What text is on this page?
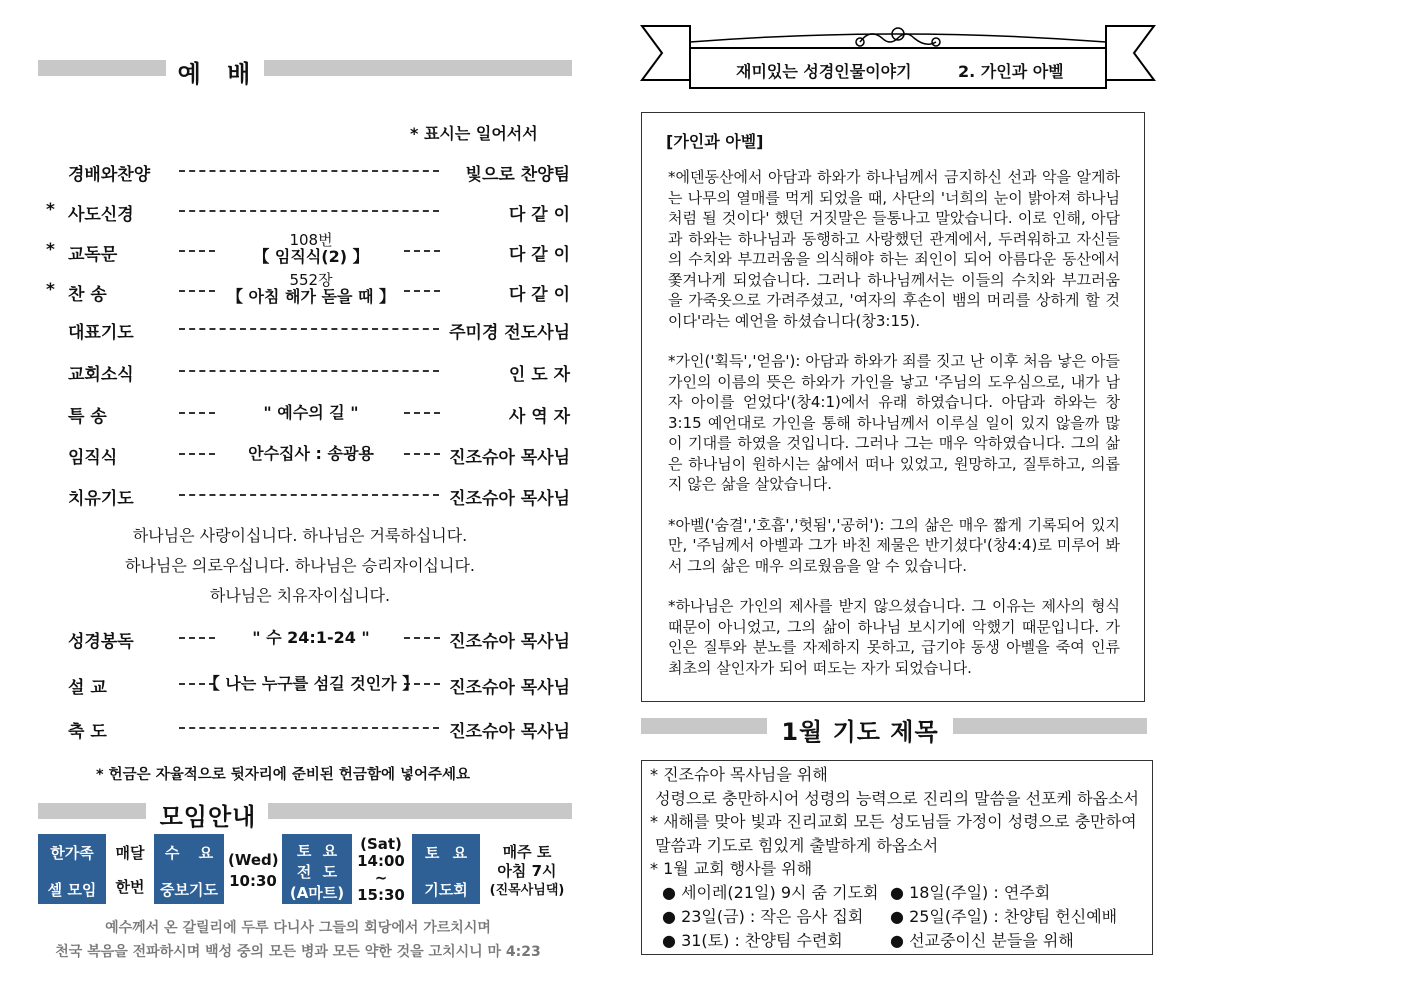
예 배
* 표시는 일어서서
경배와찬양	빛으로 찬양팀
* 사도신경	다 같 이
* 교독문	다 같 이
108번
【 임직식(2) 】
* 찬 송	다 같 이
552장
【 아침 해가 돋을 때 】
대표기도	주미경 전도사님
교회소식	인 도 자
특 송	사 역 자
" 예수의 길 "
임직식	진조슈아 목사님
안수집사 : 송광용
치유기도	진조슈아 목사님
성경봉독	진조슈아 목사님
" 수 24:1-24 "
설 교	진조슈아 목사님
【 나는 누구를 섬길 것인가 】
축 도	진조슈아 목사님
하나님은 사랑이십니다. 하나님은 거룩하십니다.
하나님은 의로우십니다. 하나님은 승리자이십니다.
하나님은 치유자이십니다.
* 헌금은 자율적으로 뒷자리에 준비된 헌금함에 넣어주세요
모임안내
한가족
셀 모임
매달
한번
수 요
중보기도
(Wed)
10:30
토 요
전 도
(A마트)
(Sat)
14:00
~
15:30
토 요
기도회
매주 토
아침 7시
(진목사님댁)
예수께서 온 갈릴리에 두루 다니사 그들의 회당에서 가르치시며
천국 복음을 전파하시며 백성 중의 모든 병과 모든 약한 것을 고치시니 마 4:23
재미있는 성경인물이야기	2. 가인과 아벨
[가인과 아벨]

*에덴동산에서 아담과 하와가 하나님께서 금지하신 선과 악을 알게하는 나무의 열매를 먹게 되었을 때, 사단의 '너희의 눈이 밝아져 하나님처럼 될 것이다' 했던 거짓말은 들통나고 말았습니다. 이로 인해, 아담과 하와는 하나님과 동행하고 사랑했던 관계에서, 두려워하고 자신들의 수치와 부끄러움을 의식해야 하는 죄인이 되어 아름다운 동산에서 쫓겨나게 되었습니다. 그러나 하나님께서는 이들의 수치와 부끄러움을 가죽옷으로 가려주셨고, '여자의 후손이 뱀의 머리를 상하게 할 것이다'라는 예언을 하셨습니다(창3:15).

*가인('획득','얻음'): 아담과 하와가 죄를 짓고 난 이후 처음 낳은 아들 가인의 이름의 뜻은 하와가 가인을 낳고 '주님의 도우심으로, 내가 남자 아이를 얻었다'(창4:1)에서 유래 하였습니다. 아담과 하와는 창3:15 예언대로 가인을 통해 하나님께서 이루실 일이 있지 않을까 많이 기대를 하였을 것입니다. 그러나 그는 매우 악하였습니다. 그의 삶은 하나님이 원하시는 삶에서 떠나 있었고, 원망하고, 질투하고, 의롭지 않은 삶을 살았습니다.

*아벨('숨결','호흡','헛됨','공허'): 그의 삶은 매우 짧게 기록되어 있지만, '주님께서 아벨과 그가 바친 제물은 반기셨다'(창4:4)로 미루어 봐서 그의 삶은 매우 의로웠음을 알 수 있습니다.

*하나님은 가인의 제사를 받지 않으셨습니다. 그 이유는 제사의 형식 때문이 아니었고, 그의 삶이 하나님 보시기에 악했기 때문입니다. 가인은 질투와 분노를 자제하지 못하고, 급기야 동생 아벨을 죽여 인류 최초의 살인자가 되어 떠도는 자가 되었습니다.

1월 기도 제목
* 진조슈아 목사님을 위해
성령으로 충만하시어 성령의 능력으로 진리의 말씀을 선포케 하옵소서
* 새해를 맞아 빛과 진리교회 모든 성도님들 가정이 성령으로 충만하여
말씀과 기도로 힘있게 출발하게 하옵소서
* 1월 교회 행사를 위해
● 세이레(21일) 9시 줌 기도회 ● 18일(주일) : 연주회
● 23일(금) : 작은 음사 집회 ● 25일(주일) : 찬양팀 헌신예배
● 31(토) : 찬양팀 수련회	● 선교중이신 분들을 위해
